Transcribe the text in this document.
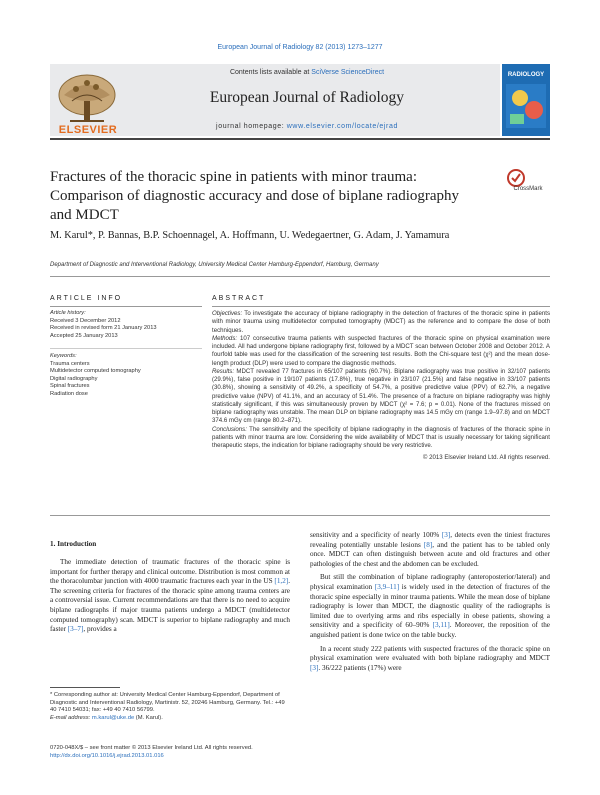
European Journal of Radiology 82 (2013) 1273–1277
ELSEVIER
Contents lists available at SciVerse ScienceDirect
European Journal of Radiology
journal homepage: www.elsevier.com/locate/ejrad
RADIOLOGY
Fractures of the thoracic spine in patients with minor trauma: Comparison of diagnostic accuracy and dose of biplane radiography and MDCT
CrossMark
M. Karul*, P. Bannas, B.P. Schoennagel, A. Hoffmann, U. Wedegaertner, G. Adam, J. Yamamura
Department of Diagnostic and Interventional Radiology, University Medical Center Hamburg-Eppendorf, Hamburg, Germany
ARTICLE INFO
Article history:
Received 3 December 2012
Received in revised form 21 January 2013
Accepted 25 January 2013
Keywords:
Trauma centers
Multidetector computed tomography
Digital radiography
Spinal fractures
Radiation dose
ABSTRACT

Objectives: To investigate the accuracy of biplane radiography in the detection of fractures of the thoracic spine in patients with minor trauma using multidetector computed tomography (MDCT) as the reference and to compare the dose of both techniques.

Methods: 107 consecutive trauma patients with suspected fractures of the thoracic spine on physical examination were included. All had undergone biplane radiography first, followed by a MDCT scan between October 2008 and October 2012. A fourfold table was used for the classification of the screening test results. Both the Chi-square test (χ²) and the mean dose-length product (DLP) were used to compare the diagnostic methods.

Results: MDCT revealed 77 fractures in 65/107 patients (60.7%). Biplane radiography was true positive in 32/107 patients (29.9%), false positive in 19/107 patients (17.8%), true negative in 23/107 (21.5%) and false negative in 33/107 patients (30.8%), showing a sensitivity of 49.2%, a specificity of 54.7%, a positive predictive value (PPV) of 62.7%, a negative predictive value (NPV) of 41.1%, and an accuracy of 51.4%. The presence of a fracture on biplane radiography was highly statistically significant, if this was simultaneously proven by MDCT (χ² = 7.6; p = 0.01). None of the fractures missed on biplane radiography was unstable. The mean DLP on biplane radiography was 14.5 mGy cm (range 1.9–97.8) and on MDCT 374.6 mGy cm (range 80.2–871).

Conclusions: The sensitivity and the specificity of biplane radiography in the diagnosis of fractures of the thoracic spine in patients with minor trauma are low. Considering the wide availability of MDCT that is usually necessary for taking significant therapeutic steps, the indication for biplane radiography should be very restrictive.

© 2013 Elsevier Ireland Ltd. All rights reserved.

1. Introduction

The immediate detection of traumatic fractures of the thoracic spine is important for further therapy and clinical outcome. Distribution is most common at the thoracolumbar junction with 4000 traumatic fractures each year in the US [1,2]. The screening criteria for fractures of the thoracic spine among trauma centers are a controversial issue. Current recommendations are that there is no need to acquire biplane radiographs if major trauma patients undergo a MDCT (multidetector computed tomography) scan. MDCT is superior to biplane radiography and much faster [3–7], provides a

sensitivity and a specificity of nearly 100% [3], detects even the tiniest fractures revealing potentially unstable lesions [8], and the patient has to be tabled only once. MDCT can often distinguish between acute and old fractures and other pathologies of the chest and the abdomen can be excluded.

But still the combination of biplane radiography (anteroposterior/lateral) and physical examination [3,9–11] is widely used in the detection of fractures of the thoracic spine especially in minor trauma patients. While the mean dose of biplane radiography is lower than MDCT, the diagnostic quality of the radiographs is limited due to overlying arms and ribs especially in obese patients, showing a sensitivity and a specificity of 60–90% [3,11]. Moreover, the reposition of the anguished patient is done twice on the table bucky.

In a recent study 222 patients with suspected fractures of the thoracic spine on physical examination were evaluated with both biplane radiography and MDCT [3]. 36/222 patients (17%) were

* Corresponding author at: University Medical Center Hamburg-Eppendorf, Department of Diagnostic and Interventional Radiology, Martinistr. 52, 20246 Hamburg, Germany. Tel.: +49 40 7410 54031; fax: +49 40 7410 56799.
E-mail address: m.karul@uke.de (M. Karul).
0720-048X/$ – see front matter © 2013 Elsevier Ireland Ltd. All rights reserved.
http://dx.doi.org/10.1016/j.ejrad.2013.01.016
